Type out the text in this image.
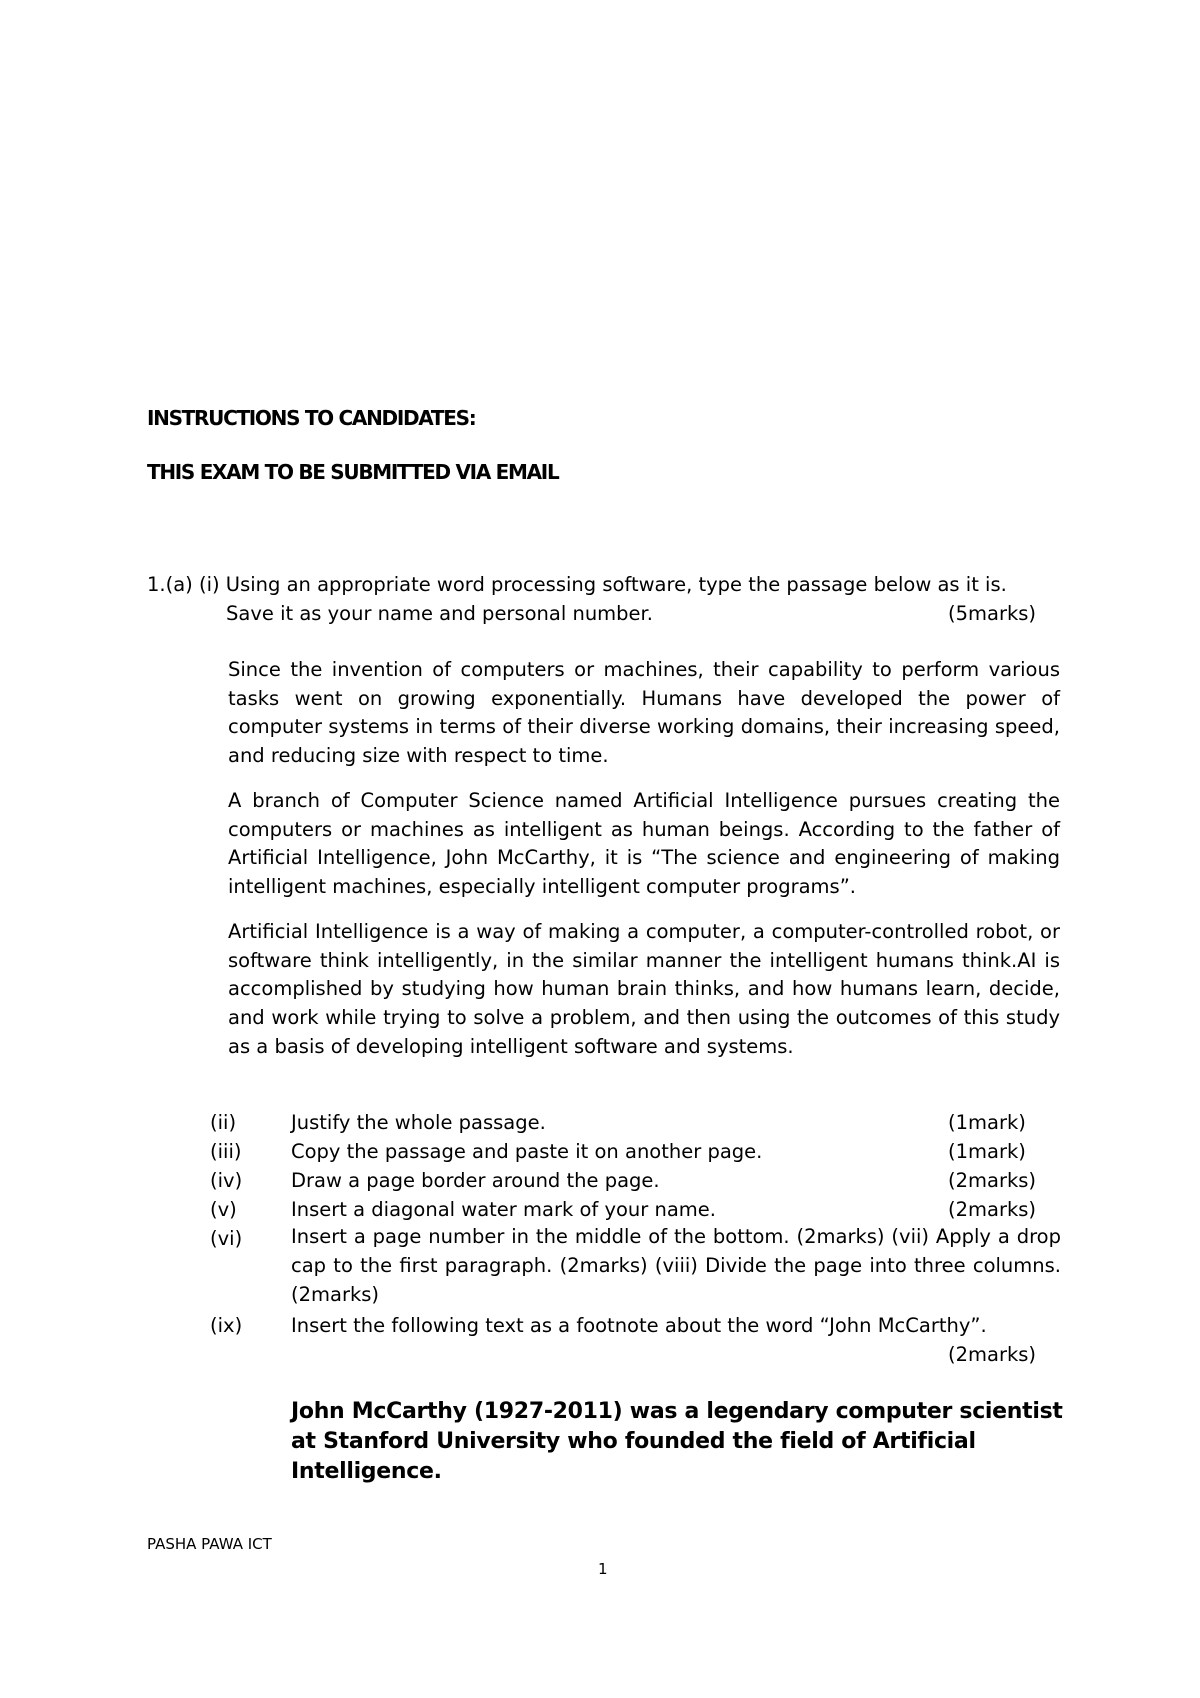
INSTRUCTIONS TO CANDIDATES:
THIS EXAM TO BE SUBMITTED VIA EMAIL
1.(a) (i) Using an appropriate word processing software, type the passage below as it is.
Save it as your name and personal number.	(5marks)
Since the invention of computers or machines, their capability to perform various tasks went on growing exponentially. Humans have developed the power of computer systems in terms of their diverse working domains, their increasing speed, and reducing size with respect to time.
A branch of Computer Science named Artificial Intelligence pursues creating the computers or machines as intelligent as human beings. According to the father of Artificial Intelligence, John McCarthy, it is “The science and engineering of making intelligent machines, especially intelligent computer programs”.
Artificial Intelligence is a way of making a computer, a computer-controlled robot, or software think intelligently, in the similar manner the intelligent humans think.AI is accomplished by studying how human brain thinks, and how humans learn, decide, and work while trying to solve a problem, and then using the outcomes of this study as a basis of developing intelligent software and systems.
(ii)	Justify the whole passage.	(1mark)
(iii)	Copy the passage and paste it on another page.	(1mark)
(iv)	Draw a page border around the page.	(2marks)
(v)	Insert a diagonal water mark of your name.	(2marks)
(vi)	Insert a page number in the middle of the bottom. (2marks) (vii) Apply a drop cap to the first paragraph. (2marks) (viii) Divide the page into three columns. (2marks)
(ix)	Insert the following text as a footnote about the word “John McCarthy”.
(2marks)
John McCarthy (1927-2011) was a legendary computer scientist at Stanford University who founded the field of Artificial Intelligence.
PASHA PAWA ICT
1
